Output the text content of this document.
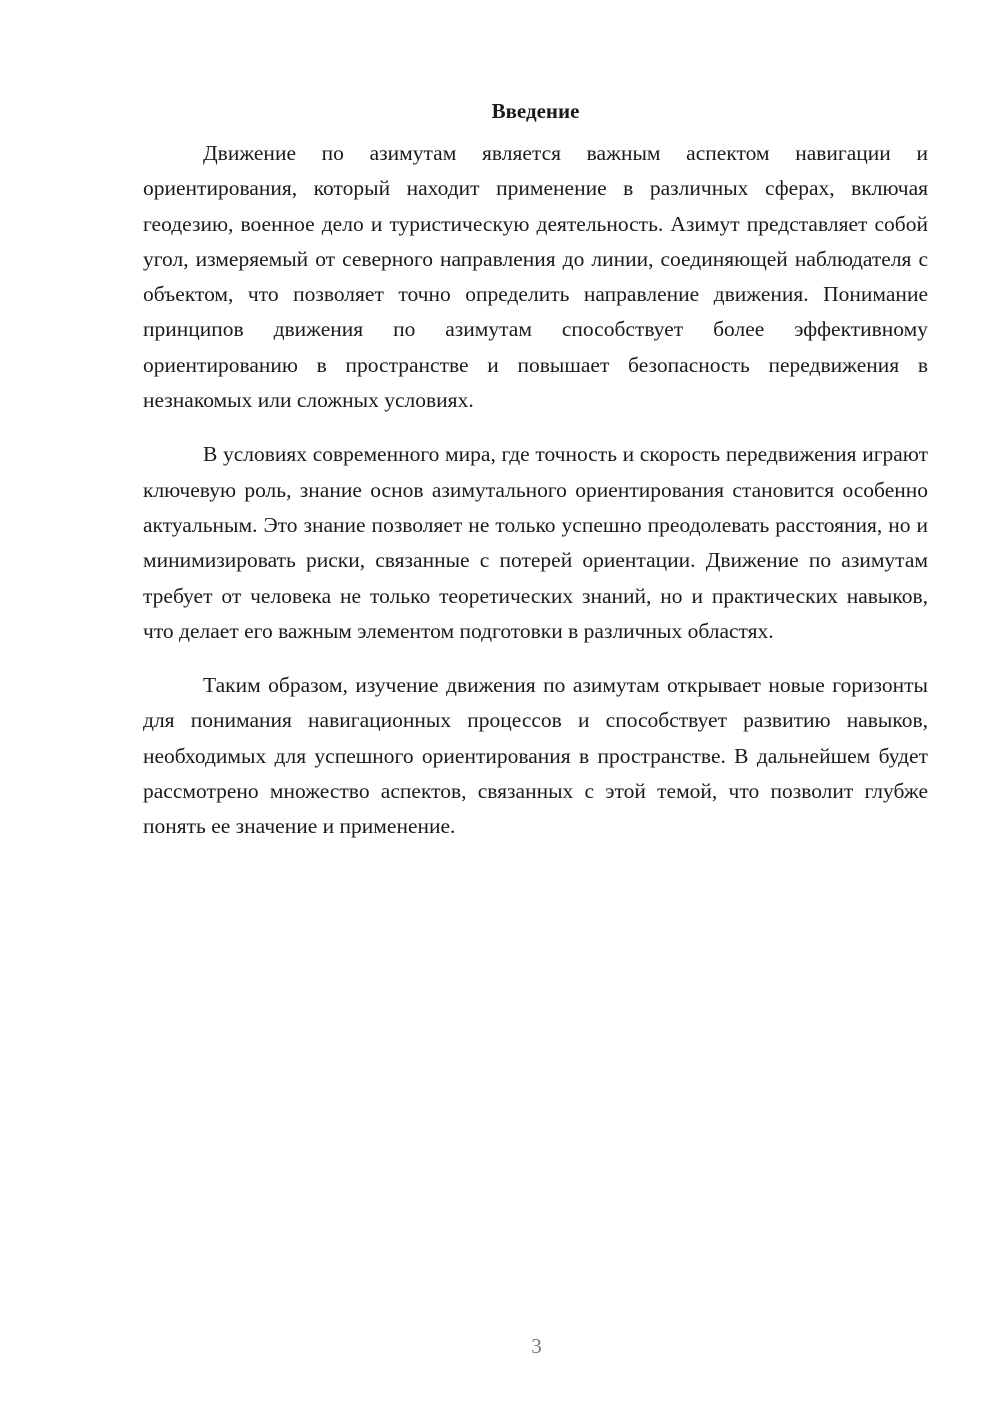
Введение

Движение по азимутам является важным аспектом навигации и ориентирования, который находит применение в различных сферах, включая геодезию, военное дело и туристическую деятельность. Азимут представляет собой угол, измеряемый от северного направления до линии, соединяющей наблюдателя с объектом, что позволяет точно определить направление движения. Понимание принципов движения по азимутам способствует более эффективному ориентированию в пространстве и повышает безопасность передвижения в незнакомых или сложных условиях.

В условиях современного мира, где точность и скорость передвижения играют ключевую роль, знание основ азимутального ориентирования становится особенно актуальным. Это знание позволяет не только успешно преодолевать расстояния, но и минимизировать риски, связанные с потерей ориентации. Движение по азимутам требует от человека не только теоретических знаний, но и практических навыков, что делает его важным элементом подготовки в различных областях.

Таким образом, изучение движения по азимутам открывает новые горизонты для понимания навигационных процессов и способствует развитию навыков, необходимых для успешного ориентирования в пространстве. В дальнейшем будет рассмотрено множество аспектов, связанных с этой темой, что позволит глубже понять ее значение и применение.

3
